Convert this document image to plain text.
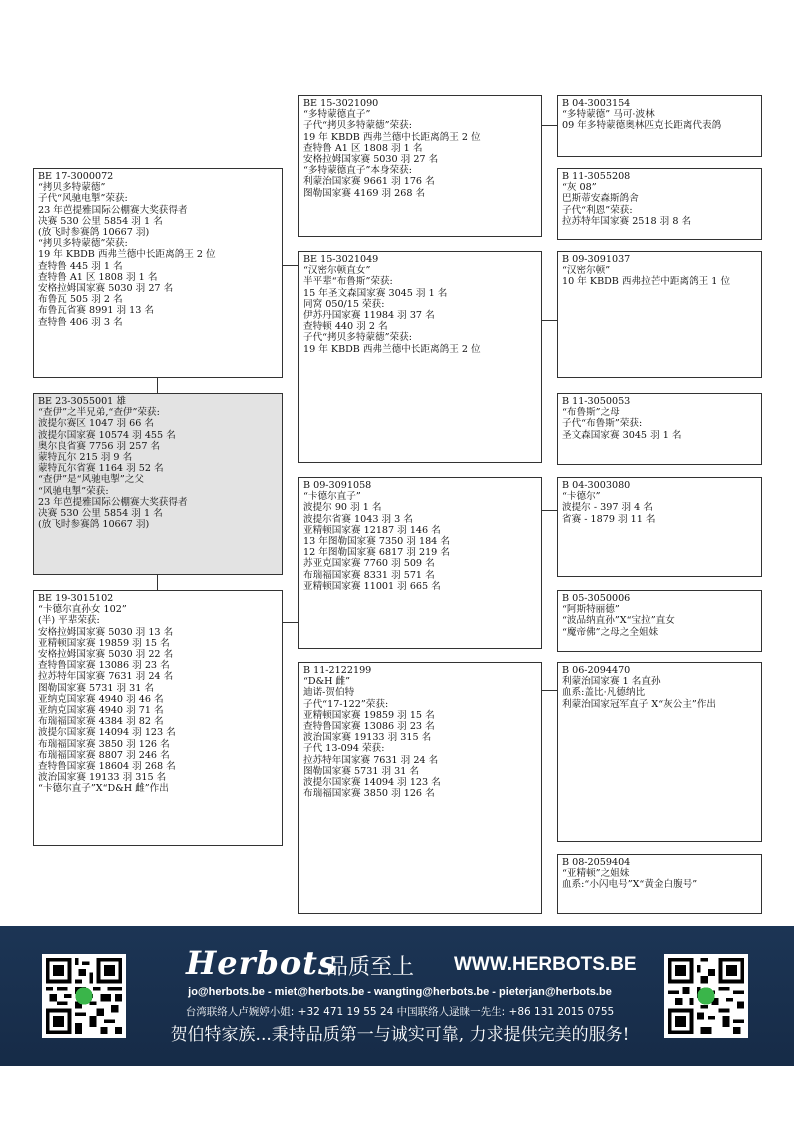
BE 17-3000072
“拷贝多特蒙德”
子代“风驰电掣”荣获:
23 年芭提雅国际公棚赛大奖获得者
决赛 530 公里 5854 羽 1 名
(放飞时参赛鸽 10667 羽)
“拷贝多特蒙德”荣获:
19 年 KBDB 西弗兰德中长距离鸽王 2 位
查特鲁 445 羽 1 名
查特鲁 A1 区 1808 羽 1 名
安格拉姆国家赛 5030 羽 27 名
布鲁瓦 505 羽 2 名
布鲁瓦省赛 8991 羽 13 名
查特鲁 406 羽 3 名
BE 23-3055001 雄
“查伊”之半兄弟,“查伊”荣获:
波提尔赛区 1047 羽 66 名
波提尔国家赛 10574 羽 455 名
奥尔良省赛 7756 羽 257 名
蒙特瓦尔 215 羽 9 名
蒙特瓦尔省赛 1164 羽 52 名
“查伊”是“风驰电掣”之父
“风驰电掣”荣获:
23 年芭提雅国际公棚赛大奖获得者
决赛 530 公里 5854 羽 1 名
(放飞时参赛鸽 10667 羽)
BE 19-3015102
“卡德尔直孙女 102”
(半) 平辈荣获:
安格拉姆国家赛 5030 羽 13 名
亚精顿国家赛 19859 羽 15 名
安格拉姆国家赛 5030 羽 22 名
查特鲁国家赛 13086 羽 23 名
拉苏特年国家赛 7631 羽 24 名
图勒国家赛 5731 羽 31 名
亚纳克国家赛 4940 羽 46 名
亚纳克国家赛 4940 羽 71 名
布瑞福国家赛 4384 羽 82 名
波提尔国家赛 14094 羽 123 名
布瑞福国家赛 3850 羽 126 名
布瑞福国家赛 8807 羽 246 名
查特鲁国家赛 18604 羽 268 名
波治国家赛 19133 羽 315 名
“卡德尔直子”X“D&H 雌”作出
BE 15-3021090
“多特蒙德直子”
子代“拷贝多特蒙德”荣获:
19 年 KBDB 西弗兰德中长距离鸽王 2 位
查特鲁 A1 区 1808 羽 1 名
安格拉姆国家赛 5030 羽 27 名
“多特蒙德直子”本身荣获:
利蒙治国家赛 9661 羽 176 名
图勒国家赛 4169 羽 268 名
BE 15-3021049
“汉密尔顿直女”
半平辈“布鲁斯”荣获:
15 年圣文森国家赛 3045 羽 1 名
同窝 050/15 荣获:
伊苏丹国家赛 11984 羽 37 名
查特顿 440 羽 2 名
子代“拷贝多特蒙德”荣获:
19 年 KBDB 西弗兰德中长距离鸽王 2 位
B 09-3091058
“卡德尔直子”
波提尔 90 羽 1 名
波提尔省赛 1043 羽 3 名
亚精顿国家赛 12187 羽 146 名
13 年图勒国家赛 7350 羽 184 名
12 年图勒国家赛 6817 羽 219 名
苏亚克国家赛 7760 羽 509 名
布瑞福国家赛 8331 羽 571 名
亚精顿国家赛 11001 羽 665 名
B 11-2122199
“D&H 雌”
迪诺-贺伯特
子代“17-122”荣获:
亚精顿国家赛 19859 羽 15 名
查特鲁国家赛 13086 羽 23 名
波治国家赛 19133 羽 315 名
子代 13-094 荣获:
拉苏特年国家赛 7631 羽 24 名
图勒国家赛 5731 羽 31 名
波提尔国家赛 14094 羽 123 名
布瑞福国家赛 3850 羽 126 名
B 04-3003154
“多特蒙德” 马可·波林
09 年多特蒙德奥林匹克长距离代表鸽
B 11-3055208
“灰 08”
巴斯蒂安森斯鸽舍
子代“利恩”荣获:
拉苏特年国家赛 2518 羽 8 名
B 09-3091037
“汉密尔顿”
10 年 KBDB 西弗拉芒中距离鸽王 1 位
B 11-3050053
“布鲁斯”之母
子代“布鲁斯”荣获:
圣文森国家赛 3045 羽 1 名
B 04-3003080
“卡德尔”
波提尔 - 397 羽 4 名
省赛 - 1879 羽 11 名
B 05-3050006
“阿斯特丽德”
“波品纳直孙”X“宝拉”直女
“魔帝佛”之母之全姐妹
B 06-2094470
利蒙治国家赛 1 名直孙
血系:盖比·凡德纳比
利蒙治国家冠军直子 X“灰公主”作出
B 08-2059404
“亚精顿”之姐妹
血系:“小闪电号”X“黄金白腹号”
Herbots
品质至上 WWW.HERBOTS.BE
jo@herbots.be - miet@herbots.be - wangting@herbots.be - pieterjan@herbots.be
台湾联络人卢婉婷小姐: +32 471 19 55 24 中国联络人逯睐一先生: +86 131 2015 0755
贺伯特家族...秉持品质第一与诚实可靠, 力求提供完美的服务!
